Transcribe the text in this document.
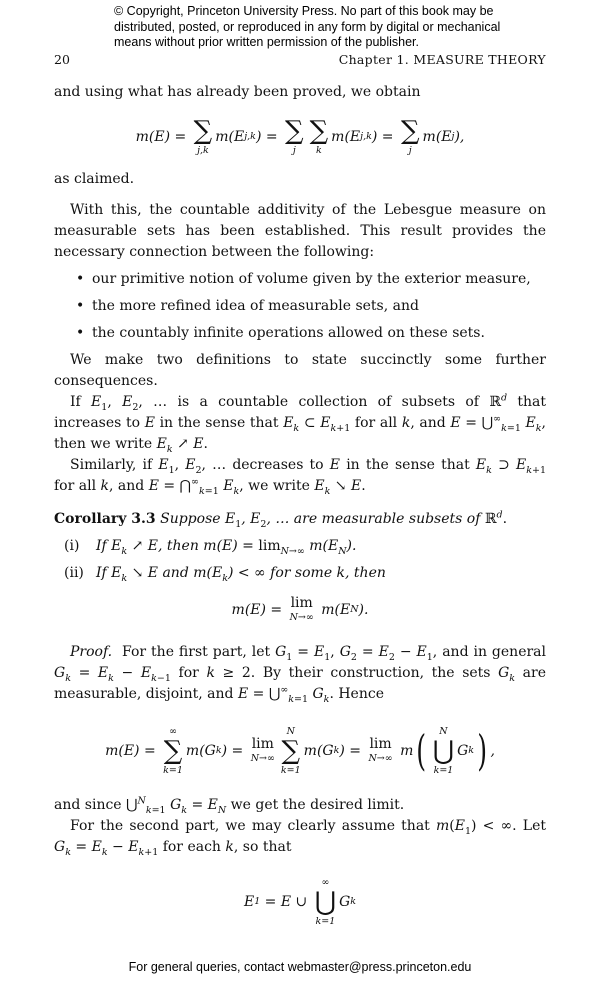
© Copyright, Princeton University Press. No part of this book may be
distributed, posted, or reproduced in any form by digital or mechanical
means without prior written permission of the publisher.
20	Chapter 1. MEASURE THEORY

and using what has already been proved, we obtain

m(E) = ∑
j,k
m(E j,k ) = ∑
j
∑
k
m(E j,k ) = ∑
j
m(E j ),

as claimed.

With this, the countable additivity of the Lebesgue measure on measurable sets has been established. This result provides the necessary connection between the following:

• our primitive notion of volume given by the exterior measure,
• the more refined idea of measurable sets, and
• the countably infinite operations allowed on these sets.

We make two definitions to state succinctly some further consequences.

If $E_1$, $E_2$, … is a countable collection of subsets of ℝ$^d$ that increases to E in the sense that $E_k$ ⊂ $E_{k+1}$ for all k, and $E = ⋃^\infty_{k=1}$ $E_k$, then we write $E_k$ ↗ E.

Similarly, if $E_1$, $E_2$, … decreases to E in the sense that $E_k$ ⊃ $E_{k+1}$ for all k, and $E = ⋂^\infty_{k=1}$ $E_k$, we write $E_k$ ↘ E.

Corollary 3.3 Suppose $E_1$, $E_2$, … are measurable subsets of ℝ$^d$.

(i)	If $E_k$ ↗ E, then $m(E) = \lim_{N\to\infty} m(E_N)$.
(ii) If $E_k$ ↘ E and $m(E_k)$ < ∞ for some k, then
m(E) = lim
N→∞
m(E N ).

Proof.  For the first part, let $G_1 = E_1$, $G_2 = E_2 - E_1$, and in general $G_k = E_k - E_{k-1}$ for k ≥ 2. By their construction, the sets $G_k$ are measurable, disjoint, and $E = ⋃^\infty_{k=1}$ $G_k$. Hence

m(E) =
∞
∑
k=1
m(G k ) = lim
N→∞
N
∑
k=1
m(G k ) = lim
N→∞
m ( N
⋃
k=1
G k ) ,

and since ⋃$^N_{k=1}$ $G_k = E_N$ we get the desired limit.

For the second part, we may clearly assume that $m(E_1)$ < ∞. Let $G_k = E_k - E_{k+1}$ for each k, so that

E 1 = E ∪
∞
⋃
k=1
G k
For general queries, contact webmaster@press.princeton.edu
